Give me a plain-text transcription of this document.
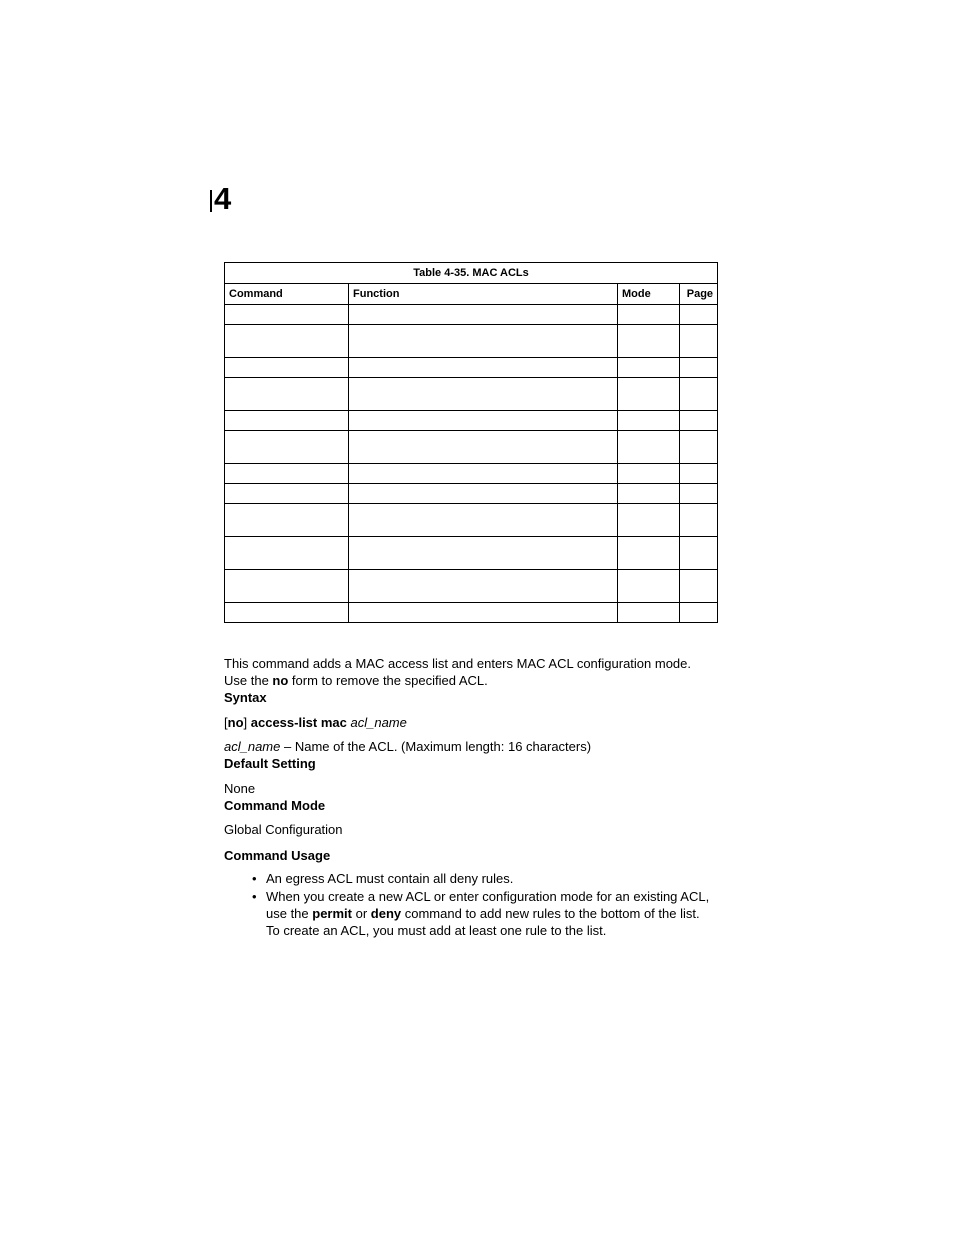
4
Table 4-35. MAC ACLs			
Command	Function	Mode	Page

This command adds a MAC access list and enters MAC ACL configuration mode.
Use the no form to remove the specified ACL.

Syntax

[no] access-list mac acl_name

acl_name – Name of the ACL. (Maximum length: 16 characters)

Default Setting

None

Command Mode

Global Configuration

Command Usage

• An egress ACL must contain all deny rules.
• When you create a new ACL or enter configuration mode for an existing ACL,
use the permit or deny command to add new rules to the bottom of the list.
To create an ACL, you must add at least one rule to the list.
